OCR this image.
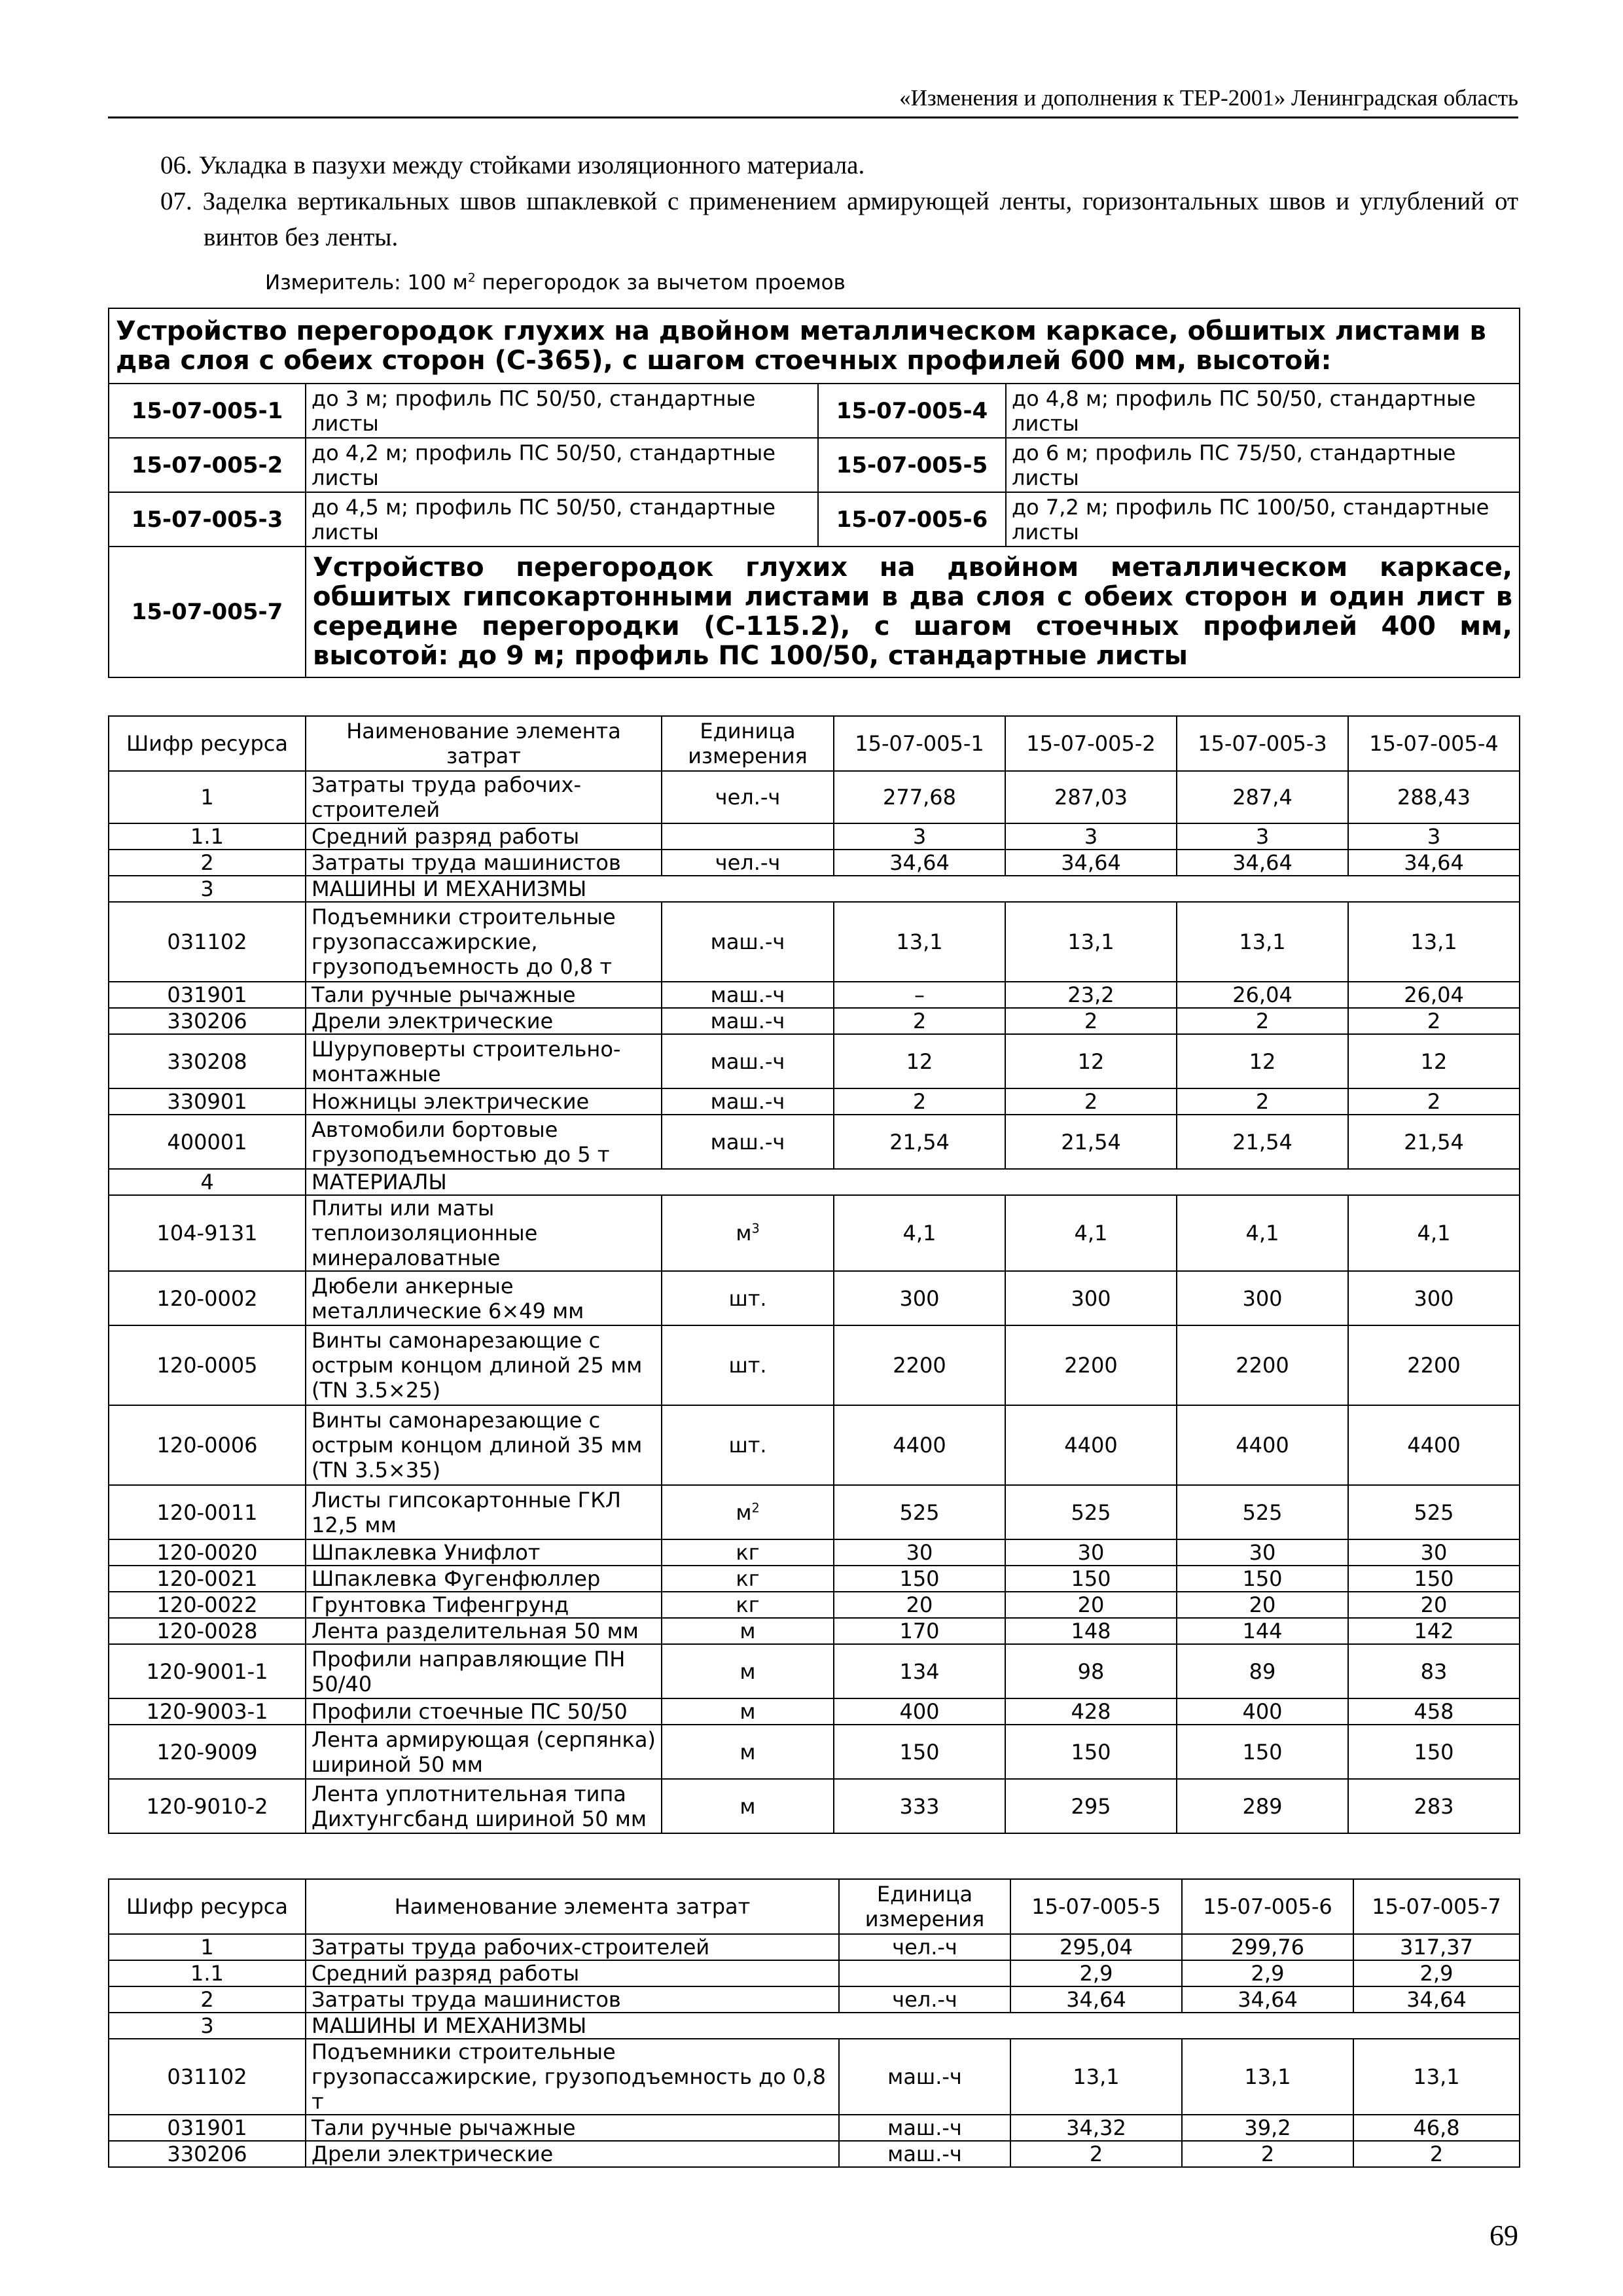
«Изменения и дополнения к ТЕР-2001» Ленинградская область

06. Укладка в пазухи между стойками изоляционного материала.

07. Заделка вертикальных швов шпаклевкой с применением армирующей ленты, горизонтальных швов и углублений от винтов без ленты.

Измеритель: 100 $м^2$ перегородок за вычетом проемов
Устройство перегородок глухих на двойном металлическом каркасе, обшитых листами в два слоя с обеих сторон (С-365), с шагом стоечных профилей 600 мм, высотой:			
15-07-005-1	до 3 м; профиль ПС 50/50, стандартные листы	15-07-005-4	до 4,8 м; профиль ПС 50/50, стандартные листы
15-07-005-2	до 4,2 м; профиль ПС 50/50, стандартные листы	15-07-005-5	до 6 м; профиль ПС 75/50, стандартные листы
15-07-005-3	до 4,5 м; профиль ПС 50/50, стандартные листы	15-07-005-6	до 7,2 м; профиль ПС 100/50, стандартные листы
15-07-005-7	Устройство перегородок глухих на двойном металлическом каркасе, обшитых гипсокартонными листами в два слоя с обеих сторон и один лист в середине перегородки (С-115.2), с шагом стоечных профилей 400 мм, высотой: до 9 м; профиль ПС 100/50, стандартные листы		
Шифр ресурса	Наименование элемента затрат	Единица измерения	15-07-005-1	15-07-005-2	15-07-005-3	15-07-005-4
1	Затраты труда рабочих-строителей	чел.-ч	277,68	287,03	287,4	288,43
1.1	Средний разряд работы		3	3	3	3
2	Затраты труда машинистов	чел.-ч	34,64	34,64	34,64	34,64
3	МАШИНЫ И МЕХАНИЗМЫ					
031102	Подъемники строительные грузопассажирские, грузоподъемность до 0,8 т	маш.-ч	13,1	13,1	13,1	13,1
031901	Тали ручные рычажные	маш.-ч	–	23,2	26,04	26,04
330206	Дрели электрические	маш.-ч	2	2	2	2
330208	Шуруповерты строительно-монтажные	маш.-ч	12	12	12	12
330901	Ножницы электрические	маш.-ч	2	2	2	2
400001	Автомобили бортовые грузоподъемностью до 5 т	маш.-ч	21,54	21,54	21,54	21,54
4	МАТЕРИАЛЫ					
104-9131	Плиты или маты теплоизоляционные минераловатные	$м^3$	4,1	4,1	4,1	4,1
120-0002	Дюбели анкерные металлические 6×49 мм	шт.	300	300	300	300
120-0005	Винты самонарезающие с острым концом длиной 25 мм (TN 3.5×25)	шт.	2200	2200	2200	2200
120-0006	Винты самонарезающие с острым концом длиной 35 мм (TN 3.5×35)	шт.	4400	4400	4400	4400
120-0011	Листы гипсокартонные ГКЛ 12,5 мм	$м^2$	525	525	525	525
120-0020	Шпаклевка Унифлот	кг	30	30	30	30
120-0021	Шпаклевка Фугенфюллер	кг	150	150	150	150
120-0022	Грунтовка Тифенгрунд	кг	20	20	20	20
120-0028	Лента разделительная 50 мм	м	170	148	144	142
120-9001-1	Профили направляющие ПН 50/40	м	134	98	89	83
120-9003-1	Профили стоечные ПС 50/50	м	400	428	400	458
120-9009	Лента армирующая (серпянка) шириной 50 мм	м	150	150	150	150
120-9010-2	Лента уплотнительная типа Дихтунгсбанд шириной 50 мм	м	333	295	289	283
Шифр ресурса	Наименование элемента затрат	Единица измерения	15-07-005-5	15-07-005-6	15-07-005-7
1	Затраты труда рабочих-строителей	чел.-ч	295,04	299,76	317,37
1.1	Средний разряд работы		2,9	2,9	2,9
2	Затраты труда машинистов	чел.-ч	34,64	34,64	34,64
3	МАШИНЫ И МЕХАНИЗМЫ				
031102	Подъемники строительные грузопассажирские, грузоподъемность до 0,8 т	маш.-ч	13,1	13,1	13,1
031901	Тали ручные рычажные	маш.-ч	34,32	39,2	46,8
330206	Дрели электрические	маш.-ч	2	2	2
69
